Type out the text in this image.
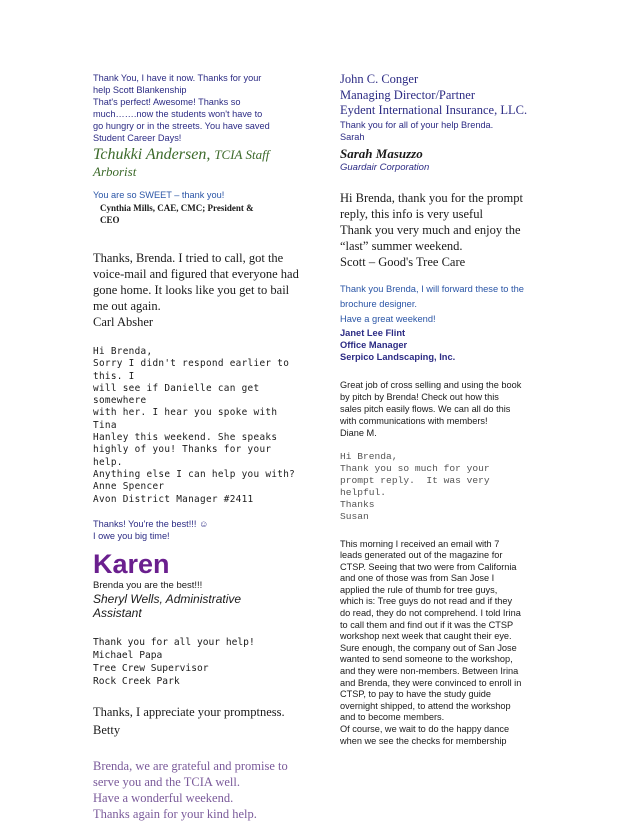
Thank You, I have it now. Thanks for your

help Scott Blankenship

That's perfect! Awesome! Thanks so

much…….now the students won't have to

go hungry or in the streets. You have saved

Student Career Days!

Tchukki Andersen, TCIA Staff

Arborist

You are so SWEET – thank you!

Cynthia Mills, CAE, CMC; President &

CEO

Thanks, Brenda. I tried to call, got the

voice-mail and figured that everyone had

gone home. It looks like you get to bail

me out again.

Carl Absher

Hi Brenda,

Sorry I didn't respond earlier to this. I

will see if Danielle can get somewhere

with her. I hear you spoke with Tina

Hanley this weekend. She speaks

highly of you! Thanks for your help.

Anything else I can help you with?

Anne Spencer

Avon District Manager #2411

Thanks! You're the best!!! ☺

I owe you big time!

Karen

Brenda you are the best!!!

Sheryl Wells, Administrative

Assistant

Thank you for all your help!

Michael Papa

Tree Crew Supervisor

Rock Creek Park

Thanks, I appreciate your promptness.

Betty

Brenda, we are grateful and promise to

serve you and the TCIA well.

Have a wonderful weekend.

Thanks again for your kind help.

John C. Conger

Managing Director/Partner

Eydent International Insurance, LLC.

Thank you for all of your help Brenda.

Sarah

Sarah Masuzzo

Guardair Corporation

Hi Brenda, thank you for the prompt

reply, this info is very useful

Thank you very much and enjoy the

“last” summer weekend.

Scott – Good's Tree Care

Thank you Brenda, I will forward these to the

brochure designer.

Have a great weekend!

Janet Lee Flint

Office Manager

Serpico Landscaping, Inc.

Great job of cross selling and using the book

by pitch by Brenda! Check out how this

sales pitch easily flows. We can all do this

with communications with members!

Diane M.

Hi Brenda,

Thank you so much for your

prompt reply.  It was very

helpful.

Thanks

Susan

This morning I received an email with 7

leads generated out of the magazine for

CTSP. Seeing that two were from California

and one of those was from San Jose I

applied the rule of thumb for tree guys,

which is: Tree guys do not read and if they

do read, they do not comprehend. I told Irina

to call them and find out if it was the CTSP

workshop next week that caught their eye.

Sure enough, the company out of San Jose

wanted to send someone to the workshop,

and they were non-members. Between Irina

and Brenda, they were convinced to enroll in

CTSP, to pay to have the study guide

overnight shipped, to attend the workshop

and to become members.

Of course, we wait to do the happy dance

when we see the checks for membership
